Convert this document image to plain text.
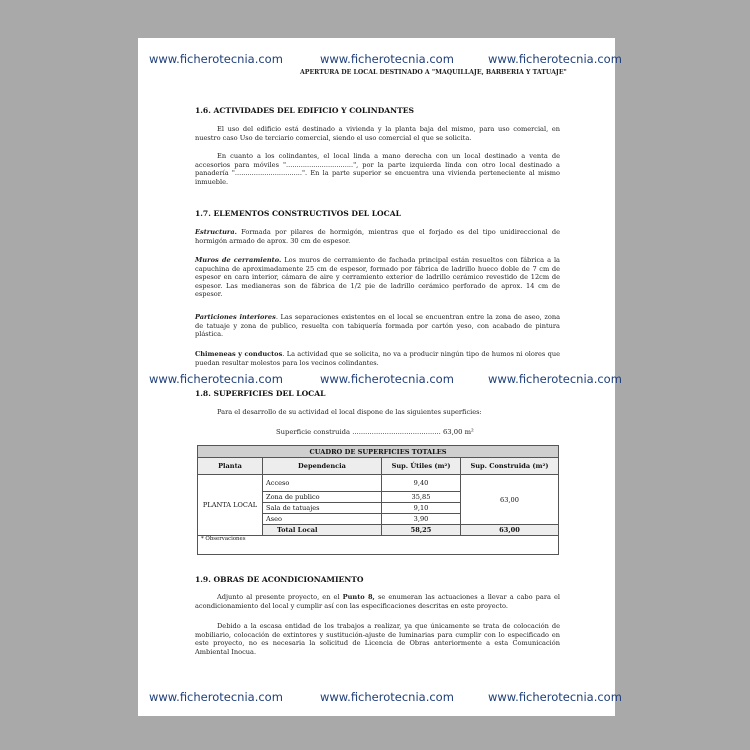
www.ficherotecnia.com	www.ficherotecnia.com	www.ficherotecnia.com
www.ficherotecnia.com	www.ficherotecnia.com	www.ficherotecnia.com
www.ficherotecnia.com	www.ficherotecnia.com	www.ficherotecnia.com
APERTURA DE LOCAL DESTINADO A "MAQUILLAJE, BARBERIA Y TATUAJE"
1.6. ACTIVIDADES DEL EDIFICIO Y COLINDANTES
El uso del edificio está destinado a vivienda y la planta baja del mismo, para uso comercial, en nuestro caso Uso de terciario comercial, siendo el uso comercial el que se solicita.
En cuanto a los colindantes, el local linda a mano derecha con un local destinado a venta de accesorios para móviles "................................", por la parte izquierda linda con otro local destinado a panadería "................................". En la parte superior se encuentra una vivienda perteneciente al mismo inmueble.
1.7. ELEMENTOS CONSTRUCTIVOS DEL LOCAL
Estructura. Formada por pilares de hormigón, mientras que el forjado es del tipo unidireccional de hormigón armado de aprox. 30 cm de espesor.
Muros de cerramiento. Los muros de cerramiento de fachada principal están resueltos con fábrica a la capuchina de aproximadamente 25 cm de espesor, formado por fábrica de ladrillo hueco doble de 7 cm de espesor en cara interior, cámara de aire y cerramiento exterior de ladrillo cerámico revestido de 12cm de espesor. Las medianeras son de fábrica de 1/2 pie de ladrillo cerámico perforado de aprox. 14 cm de espesor.
Particiones interiores. Las separaciones existentes en el local se encuentran entre la zona de aseo, zona de tatuaje y zona de publico, resuelta con tabiquería formada por cartón yeso, con acabado de pintura plástica.
Chimeneas y conductos. La actividad que se solicita, no va a producir ningún tipo de humos ni olores que puedan resultar molestos para los vecinos colindantes.
1.8. SUPERFICIES DEL LOCAL
Para el desarrollo de su actividad el local dispone de las siguientes superficies:
Superficie construida ......................................... 63,00 m²
CUADRO DE SUPERFICIES TOTALES			
Planta	Dependencia	Sup. Útiles (m²)	Sup. Construida (m²)
PLANTA LOCAL	Acceso	9,40	63,00
	Zona de publico	35,85	
	Sala de tatuajes	9,10	
	Aseo	3,90	
	Total Local	58,25	63,00
* Observaciones			
1.9. OBRAS DE ACONDICIONAMIENTO
Adjunto al presente proyecto, en el Punto 8, se enumeran las actuaciones a llevar a cabo para el acondicionamiento del local y cumplir así con las especificaciones descritas en este proyecto.
Debido a la escasa entidad de los trabajos a realizar, ya que únicamente se trata de colocación de mobiliario, colocación de extintores y sustitución-ajuste de luminarias para cumplir con lo especificado en este proyecto, no es necesaria la solicitud de Licencia de Obras anteriormente a esta Comunicación Ambiental Inocua.
